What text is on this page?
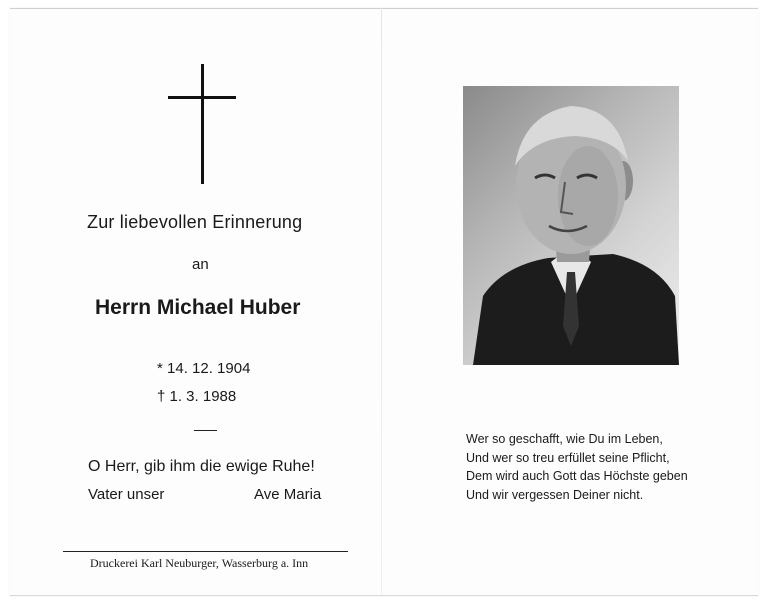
Zur liebevollen Erinnerung
an
Herrn Michael Huber
* 14. 12. 1904
† 1. 3. 1988
O Herr, gib ihm die ewige Ruhe!
Vater unser	Ave Maria
Druckerei Karl Neuburger, Wasserburg a. Inn
Wer so geschafft, wie Du im Leben,
Und wer so treu erfüllet seine Pflicht,
Dem wird auch Gott das Höchste geben
Und wir vergessen Deiner nicht.
